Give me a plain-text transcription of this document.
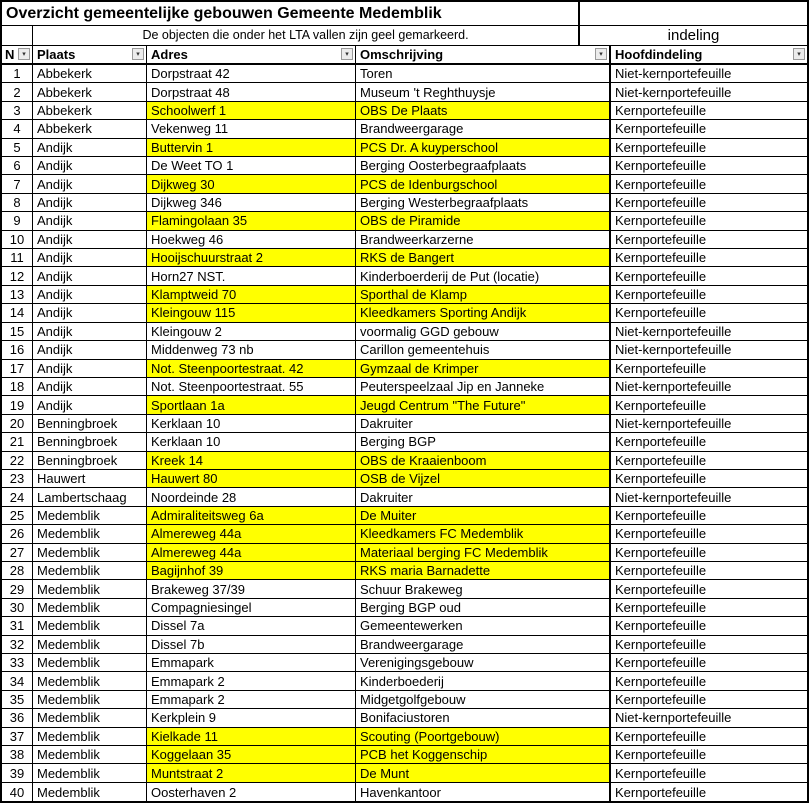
Overzicht gemeentelijke gebouwen Gemeente Medemblik
De objecten die onder het LTA vallen zijn geel gemarkeerd.	indeling
N	▾ Plaats	▾ Adres	▾ Omschrijving	▾ Hoofdindeling	▾
1	Abbekerk	Dorpstraat 42	Toren	Niet-kernportefeuille
2	Abbekerk	Dorpstraat 48	Museum 't Reghthuysje	Niet-kernportefeuille
3	Abbekerk	Schoolwerf 1	OBS De Plaats	Kernportefeuille
4	Abbekerk	Vekenweg 11	Brandweergarage	Kernportefeuille
5	Andijk	Buttervin 1	PCS Dr. A kuyperschool	Kernportefeuille
6	Andijk	De Weet TO 1	Berging Oosterbegraafplaats	Kernportefeuille
7	Andijk	Dijkweg 30	PCS de Idenburgschool	Kernportefeuille
8	Andijk	Dijkweg 346	Berging Westerbegraafplaats	Kernportefeuille
9	Andijk	Flamingolaan 35	OBS de Piramide	Kernportefeuille
10 Andijk	Hoekweg 46	Brandweerkarzerne	Kernportefeuille
11	Andijk	Hooijschuurstraat 2	RKS de Bangert	Kernportefeuille
12 Andijk	Horn27 NST.	Kinderboerderij de Put (locatie)	Kernportefeuille
13 Andijk	Klamptweid 70	Sporthal de Klamp	Kernportefeuille
14 Andijk	Kleingouw 115	Kleedkamers Sporting Andijk	Kernportefeuille
15 Andijk	Kleingouw 2	voormalig GGD gebouw	Niet-kernportefeuille
16 Andijk	Middenweg 73 nb	Carillon gemeentehuis	Niet-kernportefeuille
17 Andijk	Not. Steenpoortestraat. 42	Gymzaal de Krimper	Kernportefeuille
18 Andijk	Not. Steenpoortestraat. 55	Peuterspeelzaal Jip en Janneke	Niet-kernportefeuille
19 Andijk	Sportlaan 1a	Jeugd Centrum "The Future"	Kernportefeuille
20 Benningbroek	Kerklaan 10	Dakruiter	Niet-kernportefeuille
21 Benningbroek	Kerklaan 10	Berging BGP	Kernportefeuille
22 Benningbroek	Kreek 14	OBS de Kraaienboom	Kernportefeuille
23 Hauwert	Hauwert 80	OSB de Vijzel	Kernportefeuille
24 Lambertschaag	Noordeinde 28	Dakruiter	Niet-kernportefeuille
25 Medemblik	Admiraliteitsweg 6a	De Muiter	Kernportefeuille
26 Medemblik	Almereweg 44a	Kleedkamers FC Medemblik	Kernportefeuille
27 Medemblik	Almereweg 44a	Materiaal berging FC Medemblik	Kernportefeuille
28 Medemblik	Bagijnhof 39	RKS maria Barnadette	Kernportefeuille
29 Medemblik	Brakeweg 37/39	Schuur Brakeweg	Kernportefeuille
30 Medemblik	Compagniesingel	Berging BGP oud	Kernportefeuille
31 Medemblik	Dissel 7a	Gemeentewerken	Kernportefeuille
32 Medemblik	Dissel 7b	Brandweergarage	Kernportefeuille
33 Medemblik	Emmapark	Verenigingsgebouw	Kernportefeuille
34 Medemblik	Emmapark 2	Kinderboederij	Kernportefeuille
35 Medemblik	Emmapark 2	Midgetgolfgebouw	Kernportefeuille
36 Medemblik	Kerkplein 9	Bonifaciustoren	Niet-kernportefeuille
37 Medemblik	Kielkade 11	Scouting (Poortgebouw)	Kernportefeuille
38 Medemblik	Koggelaan 35	PCB het Koggenschip	Kernportefeuille
39 Medemblik	Muntstraat 2	De Munt	Kernportefeuille
40 Medemblik	Oosterhaven 2	Havenkantoor	Kernportefeuille
